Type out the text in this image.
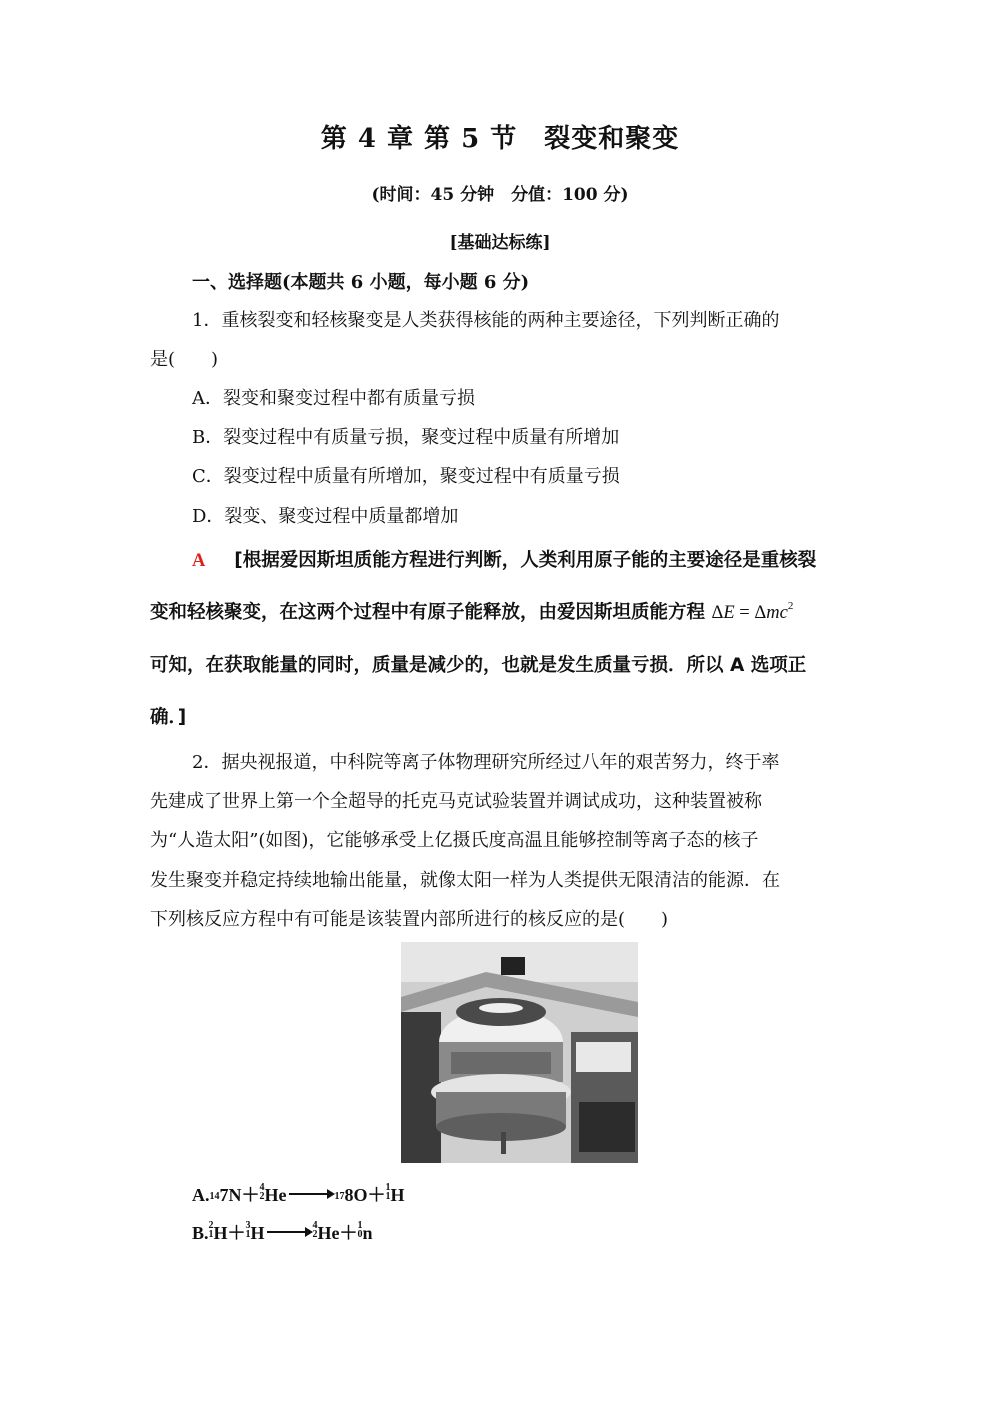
第 4 章 第 5 节　裂变和聚变
(时间：45 分钟　分值：100 分)
[基础达标练]
一、选择题(本题共 6 小题，每小题 6 分)
1．重核裂变和轻核聚变是人类获得核能的两种主要途径，下列判断正确的
是(　　)
A．裂变和聚变过程中都有质量亏损
B．裂变过程中有质量亏损，聚变过程中质量有所增加
C．裂变过程中质量有所增加，聚变过程中有质量亏损
D．裂变、聚变过程中质量都增加
A [根据爱因斯坦质能方程进行判断，人类利用原子能的主要途径是重核裂
变和轻核聚变，在这两个过程中有原子能释放，由爱因斯坦质能方程 ΔE = Δmc$^2$
可知，在获取能量的同时，质量是减少的，也就是发生质量亏损．所以 A 选项正
确．]
2．据央视报道，中科院等离子体物理研究所经过八年的艰苦努力，终于率
先建成了世界上第一个全超导的托克马克试验装置并调试成功，这种装置被称
为“人造太阳”(如图)，它能够承受上亿摄氏度高温且能够控制等离子态的核子
发生聚变并稳定持续地输出能量，就像太阳一样为人类提供无限清洁的能源．在
下列核反应方程中有可能是该装置内部所进行的核反应的是(　　)
A. 14 7N＋ 4
2 He → 17 8O＋ 1
1 H
B. 2
1 H＋ 3
1 H →
4
2 He＋ 1
0 n
